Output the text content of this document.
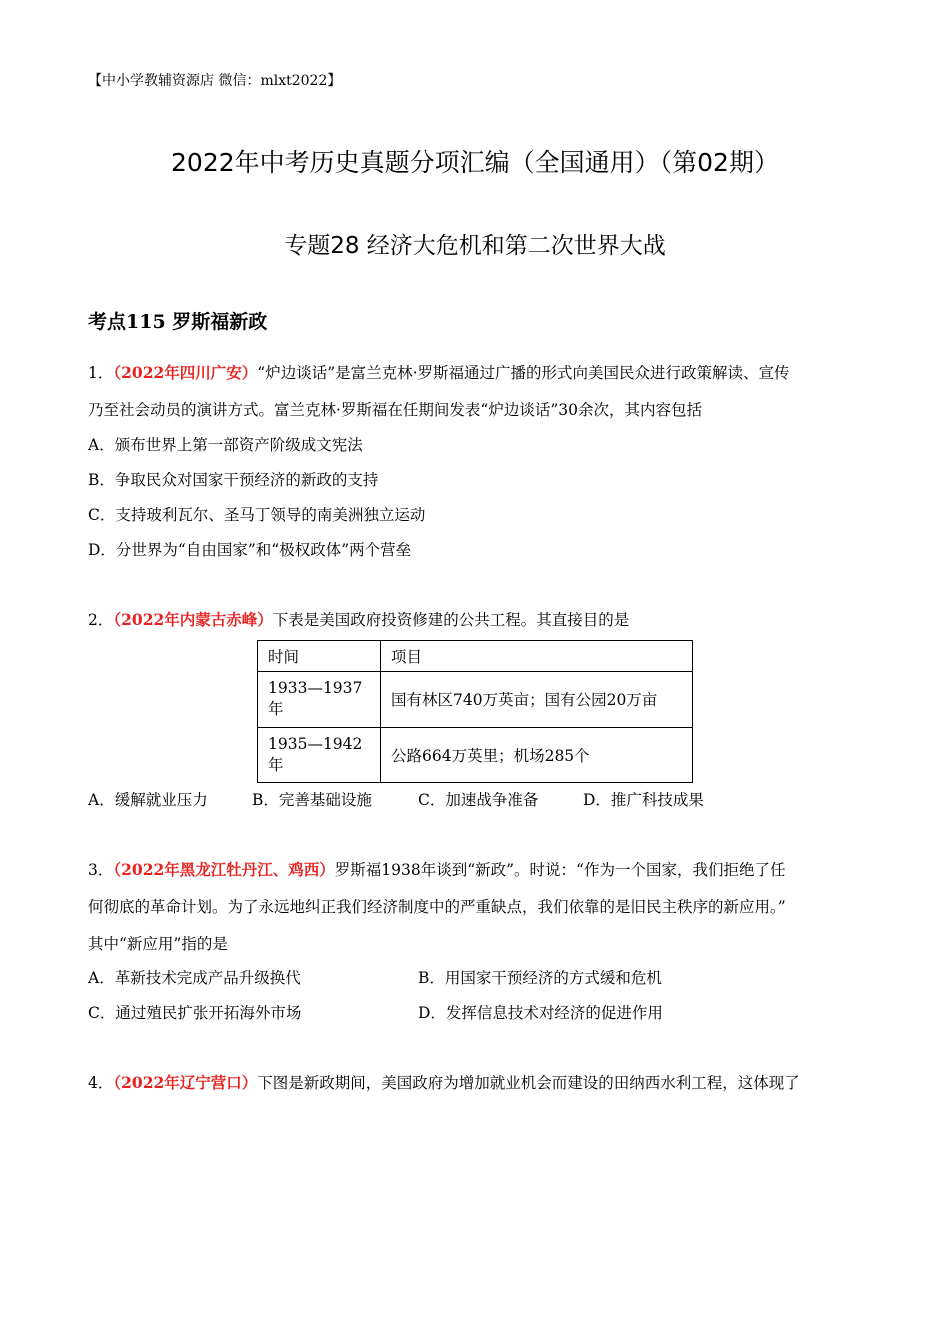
【中小学教辅资源店 微信：mlxt2022】
2022年中考历史真题分项汇编（全国通用）（第02期）
专题28 经济大危机和第二次世界大战
考点115 罗斯福新政
1．（2022年四川广安）“炉边谈话”是富兰克林·罗斯福通过广播的形式向美国民众进行政策解读、宣传
乃至社会动员的演讲方式。富兰克林·罗斯福在任期间发表“炉边谈话”30余次，其内容包括
A．颁布世界上第一部资产阶级成文宪法
B．争取民众对国家干预经济的新政的支持
C．支持玻利瓦尔、圣马丁领导的南美洲独立运动
D．分世界为“自由国家”和“极权政体”两个营垒
2．（2022年内蒙古赤峰）下表是美国政府投资修建的公共工程。其直接目的是
时间	项目
1933—1937年	国有林区740万英亩；国有公园20万亩
1935—1942年	公路664万英里；机场285个
A．缓解就业压力	B．完善基础设施	C．加速战争准备	D．推广科技成果
3．（2022年黑龙江牡丹江、鸡西）罗斯福1938年谈到“新政”。时说：“作为一个国家，我们拒绝了任
何彻底的革命计划。为了永远地纠正我们经济制度中的严重缺点，我们依靠的是旧民主秩序的新应用。”
其中“新应用”指的是
A．革新技术完成产品升级换代	B．用国家干预经济的方式缓和危机
C．通过殖民扩张开拓海外市场	D．发挥信息技术对经济的促进作用
4．（2022年辽宁营口）下图是新政期间，美国政府为增加就业机会而建设的田纳西水利工程，这体现了
